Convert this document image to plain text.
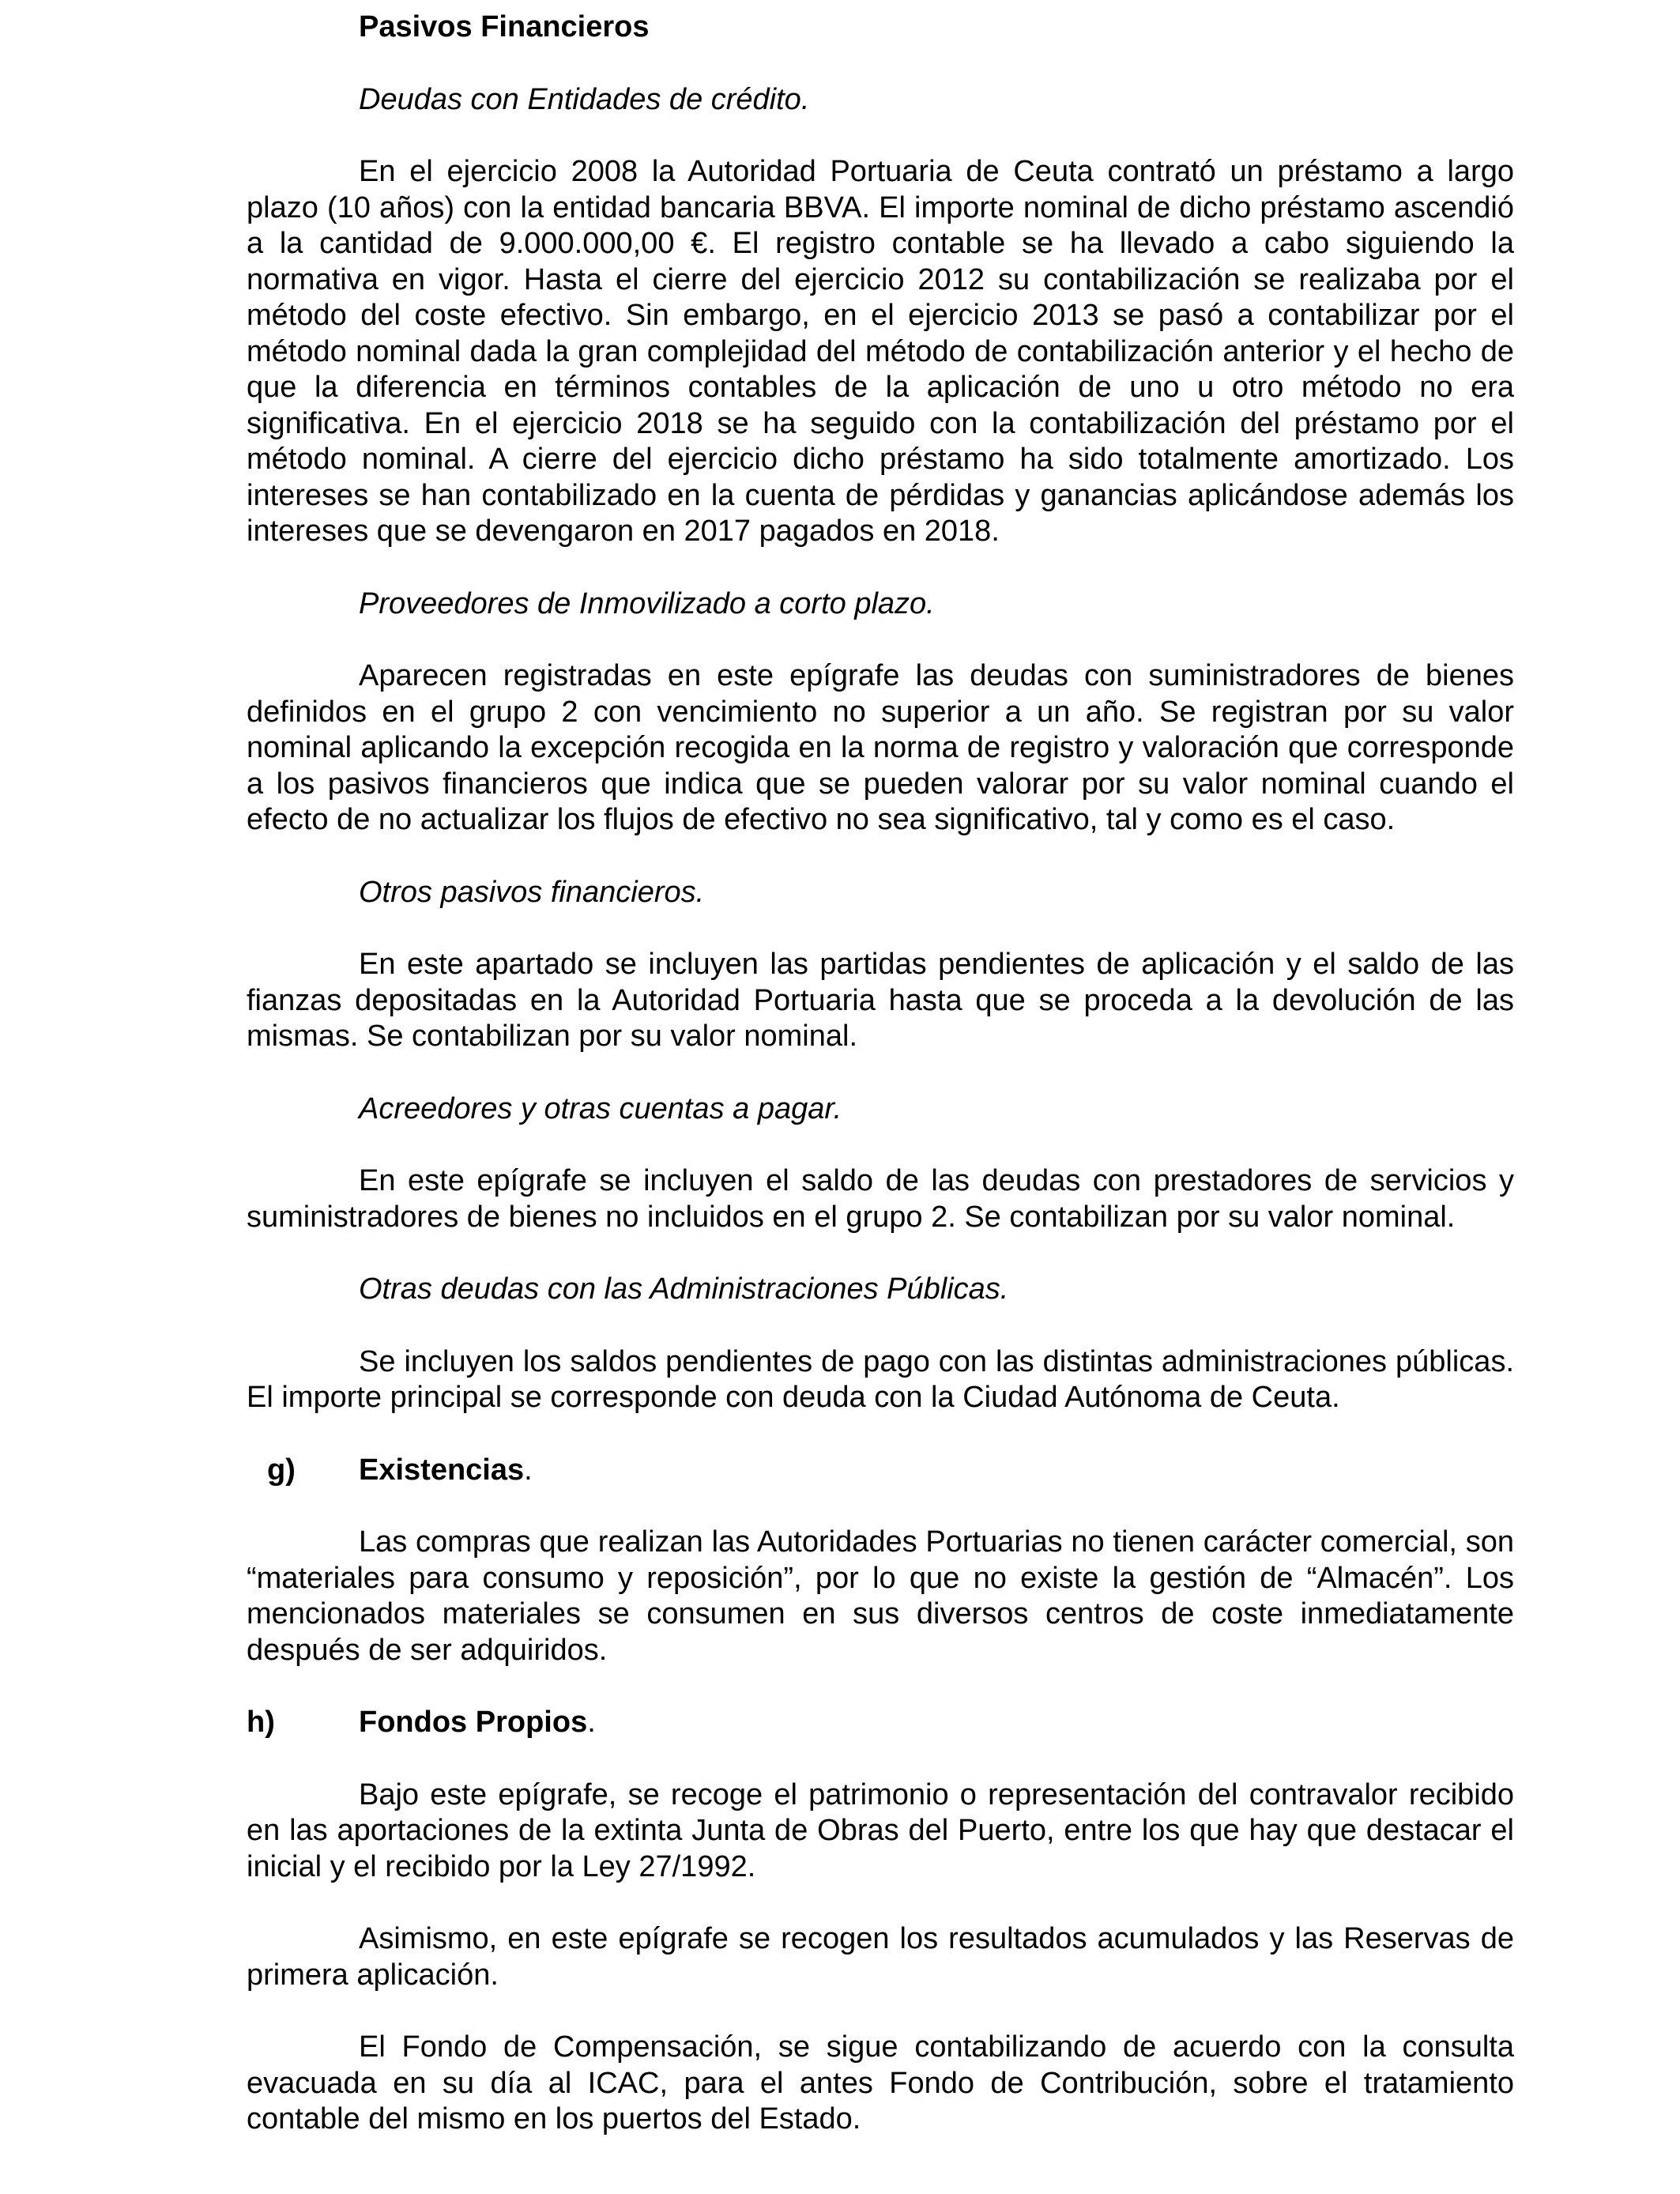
Pasivos Financieros
Deudas con Entidades de crédito.

En el ejercicio 2008 la Autoridad Portuaria de Ceuta contrató un préstamo a largo plazo (10 años) con la entidad bancaria BBVA. El importe nominal de dicho préstamo ascendió a la cantidad de 9.000.000,00 €. El registro contable se ha llevado a cabo siguiendo la normativa en vigor. Hasta el cierre del ejercicio 2012 su contabilización se realizaba por el método del coste efectivo. Sin embargo, en el ejercicio 2013 se pasó a contabilizar por el método nominal dada la gran complejidad del método de contabilización anterior y el hecho de que la diferencia en términos contables de la aplicación de uno u otro método no era significativa. En el ejercicio 2018 se ha seguido con la contabilización del préstamo por el método nominal. A cierre del ejercicio dicho préstamo ha sido totalmente amortizado. Los intereses se han contabilizado en la cuenta de pérdidas y ganancias aplicándose además los intereses que se devengaron en 2017 pagados en 2018.

Proveedores de Inmovilizado a corto plazo.

Aparecen registradas en este epígrafe las deudas con suministradores de bienes definidos en el grupo 2 con vencimiento no superior a un año. Se registran por su valor nominal aplicando la excepción recogida en la norma de registro y valoración que corresponde a los pasivos financieros que indica que se pueden valorar por su valor nominal cuando el efecto de no actualizar los flujos de efectivo no sea significativo, tal y como es el caso.

Otros pasivos financieros.

En este apartado se incluyen las partidas pendientes de aplicación y el saldo de las fianzas depositadas en la Autoridad Portuaria hasta que se proceda a la devolución de las mismas. Se contabilizan por su valor nominal.

Acreedores y otras cuentas a pagar.

En este epígrafe se incluyen el saldo de las deudas con prestadores de servicios y suministradores de bienes no incluidos en el grupo 2. Se contabilizan por su valor nominal.

Otras deudas con las Administraciones Públicas.

Se incluyen los saldos pendientes de pago con las distintas administraciones públicas. El importe principal se corresponde con deuda con la Ciudad Autónoma de Ceuta.

g)	Existencias.

Las compras que realizan las Autoridades Portuarias no tienen carácter comercial, son “materiales para consumo y reposición”, por lo que no existe la gestión de “Almacén”. Los mencionados materiales se consumen en sus diversos centros de coste inmediatamente después de ser adquiridos.

h)	Fondos Propios.

Bajo este epígrafe, se recoge el patrimonio o representación del contravalor recibido en las aportaciones de la extinta Junta de Obras del Puerto, entre los que hay que destacar el inicial y el recibido por la Ley 27/1992.

Asimismo, en este epígrafe se recogen los resultados acumulados y las Reservas de primera aplicación.

El Fondo de Compensación, se sigue contabilizando de acuerdo con la consulta evacuada en su día al ICAC, para el antes Fondo de Contribución, sobre el tratamiento contable del mismo en los puertos del Estado.
